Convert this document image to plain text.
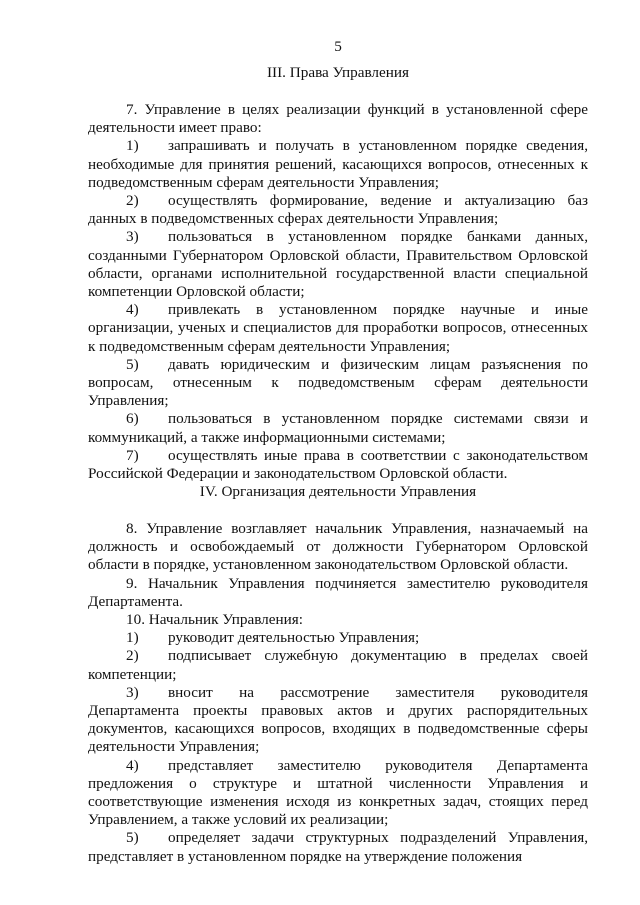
5
III. Права Управления

7. Управление в целях реализации функций в установленной сфере деятельности имеет право:

1) запрашивать и получать в установленном порядке сведения, необходимые для принятия решений, касающихся вопросов, отнесенных к подведомственным сферам деятельности Управления;

2) осуществлять формирование, ведение и актуализацию баз данных в подведомственных сферах деятельности Управления;

3) пользоваться в установленном порядке банками данных, созданными Губернатором Орловской области, Правительством Орловской области, органами исполнительной государственной власти специальной компетенции Орловской области;

4) привлекать в установленном порядке научные и иные организации, ученых и специалистов для проработки вопросов, отнесенных к подведомственным сферам деятельности Управления;

5) давать юридическим и физическим лицам разъяснения по вопросам, отнесенным к подведомственым сферам деятельности Управления;

6) пользоваться в установленном порядке системами связи и коммуникаций, а также информационными системами;

7) осуществлять иные права в соответствии с законодательством Российской Федерации и законодательством Орловской области.

IV. Организация деятельности Управления

8. Управление возглавляет начальник Управления, назначаемый на должность и освобождаемый от должности Губернатором Орловской области в порядке, установленном законодательством Орловской области.

9. Начальник Управления подчиняется заместителю руководителя Департамента.

10. Начальник Управления:

1) руководит деятельностью Управления;

2) подписывает служебную документацию в пределах своей компетенции;

3) вносит на рассмотрение заместителя руководителя Департамента проекты правовых актов и других распорядительных документов, касающихся вопросов, входящих в подведомственные сферы деятельности Управления;

4) представляет заместителю руководителя Департамента предложения о структуре и штатной численности Управления и соответствующие изменения исходя из конкретных задач, стоящих перед Управлением, а также условий их реализации;

5) определяет задачи структурных подразделений Управления, представляет в установленном порядке на утверждение положения
